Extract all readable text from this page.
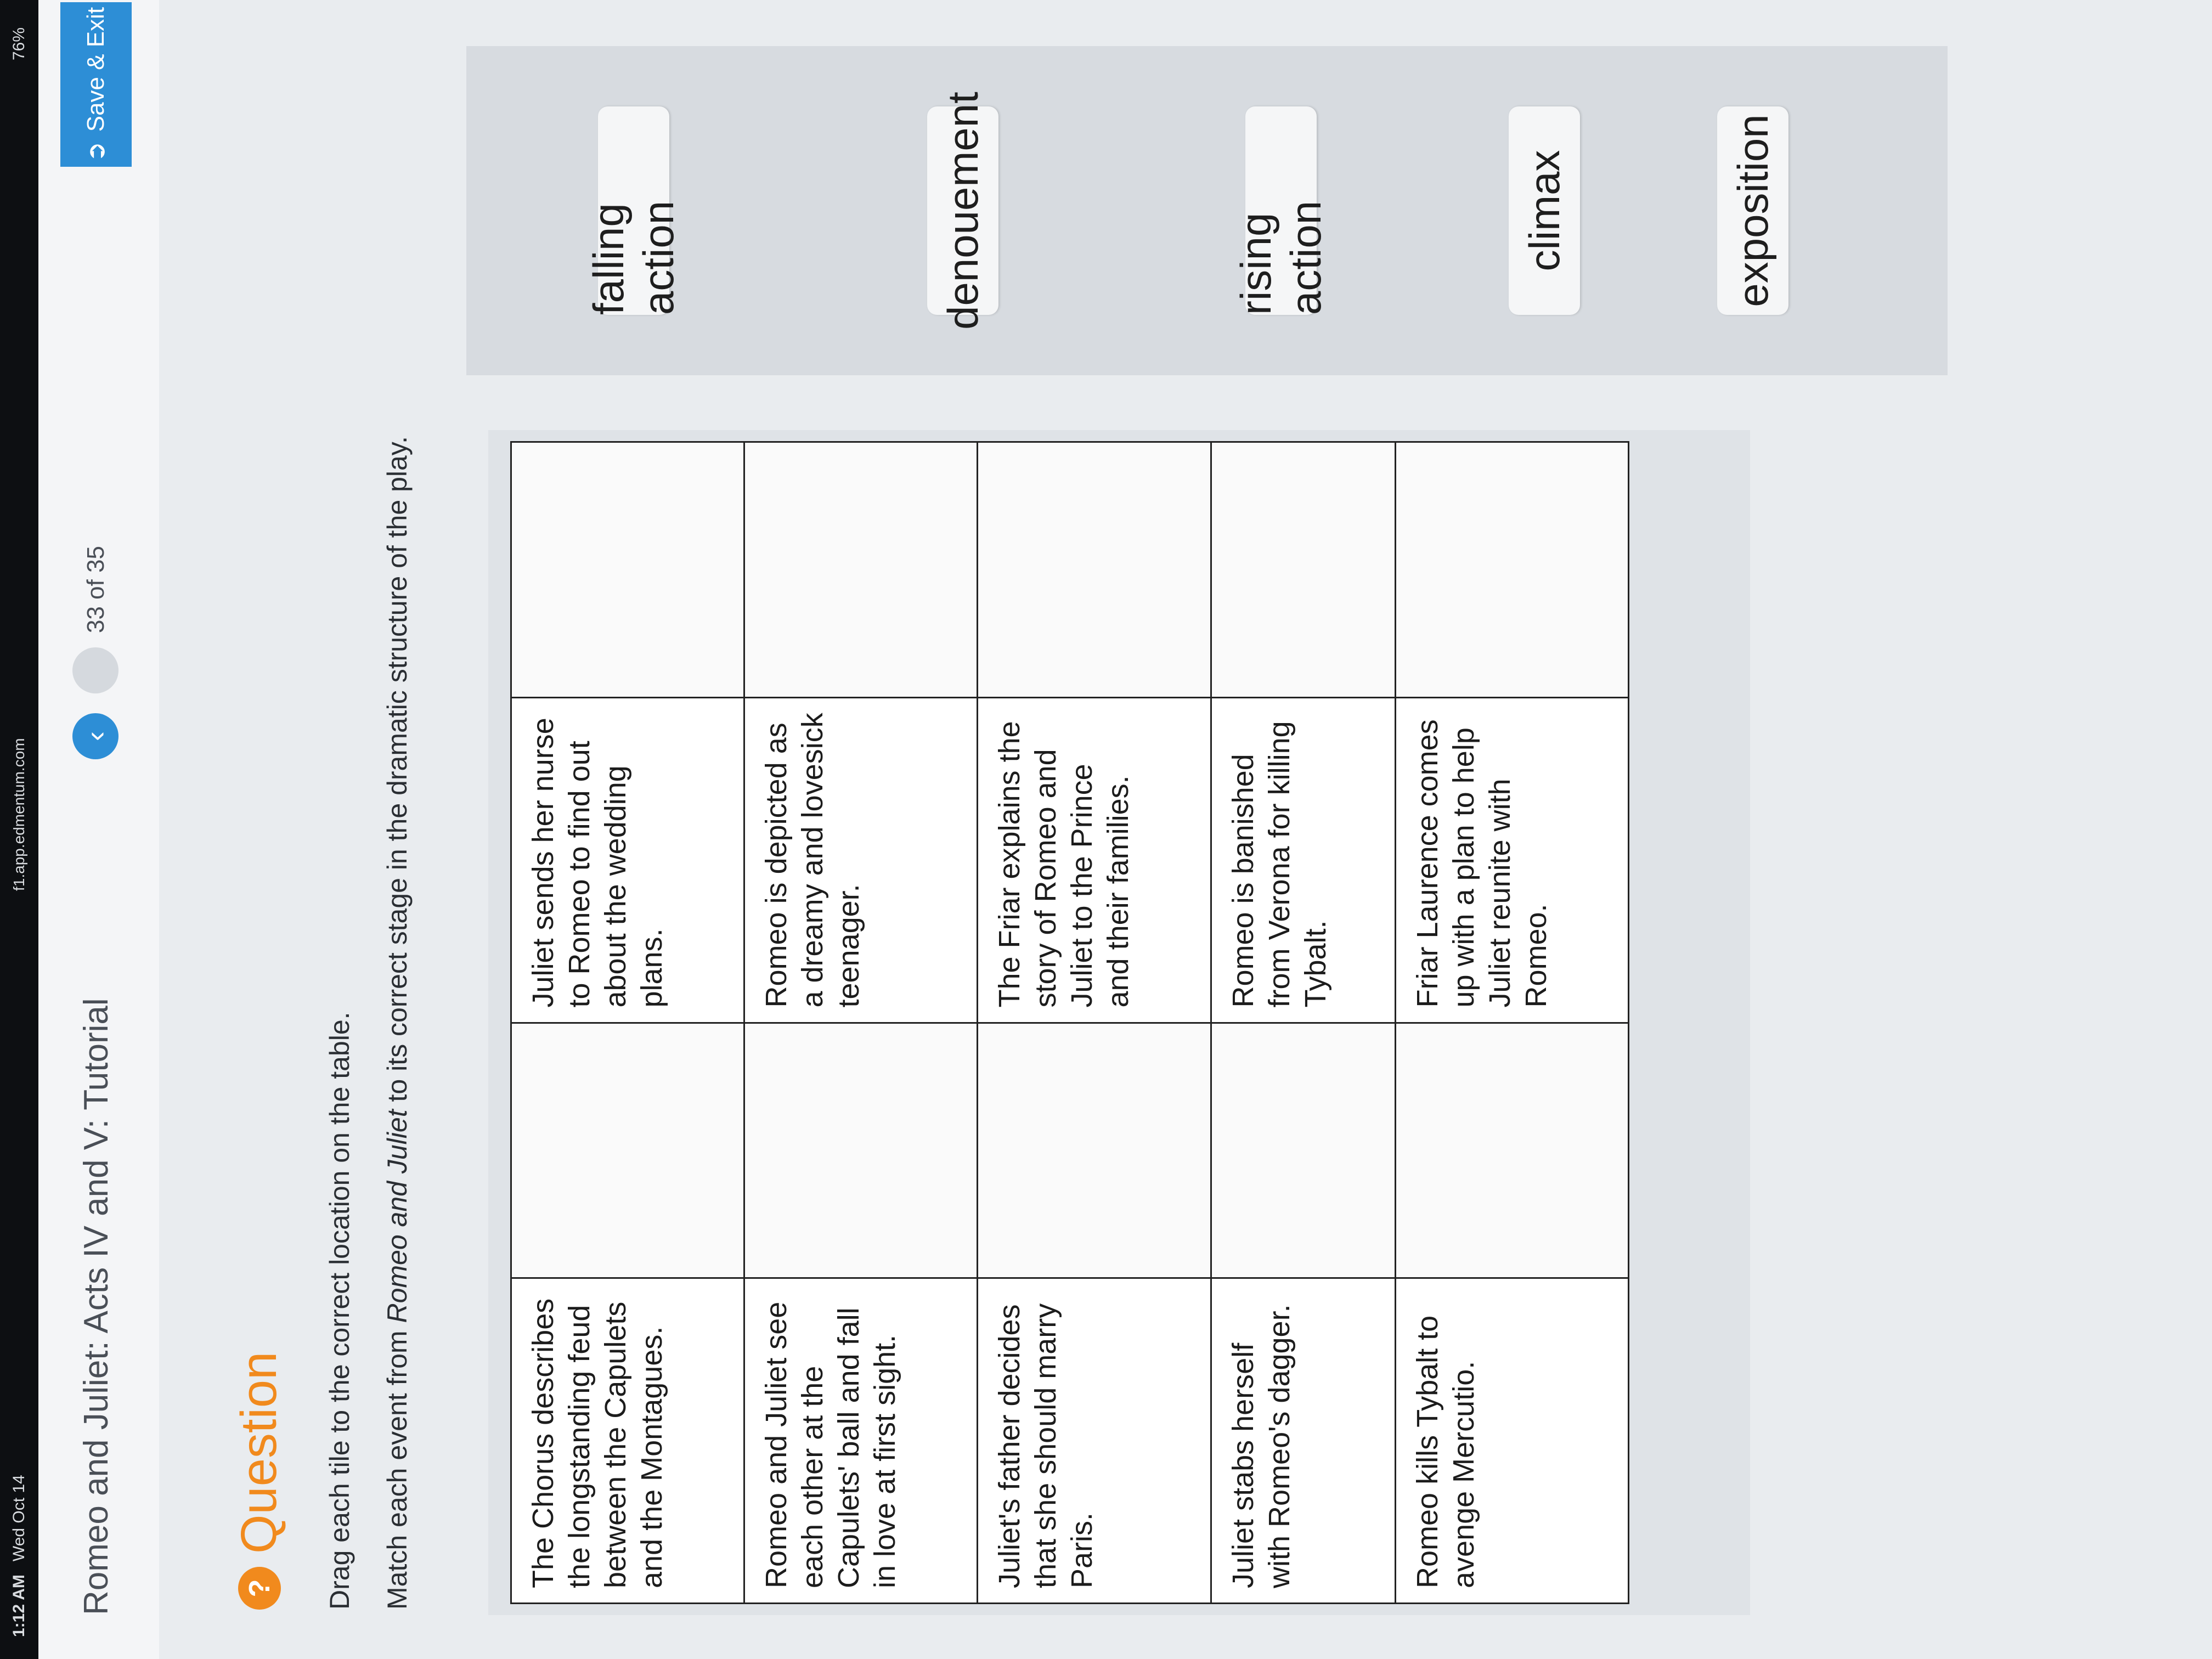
1:12 AM
Wed Oct 14
f1.app.edmentum.com
76%
Romeo and Juliet: Acts IV and V: Tutorial
‹
33 of 35
➲
Save & Exit
?
Question Drag each tile to the correct location on the table. Match each event from Romeo and Juliet to its correct stage in the dramatic structure of the play.
The Chorus describes the longstanding feud between the Capulets and the Montagues.		Juliet sends her nurse to Romeo to find out about the wedding plans.	
Romeo and Juliet see each other at the Capulets' ball and fall in love at first sight.		Romeo is depicted as a dreamy and lovesick teenager.	
Juliet's father decides that she should marry Paris.		The Friar explains the story of Romeo and Juliet to the Prince and their families.	
Juliet stabs herself with Romeo's dagger.		Romeo is banished from Verona for killing Tybalt.	
Romeo kills Tybalt to avenge Mercutio.		Friar Laurence comes up with a plan to help Juliet reunite with Romeo.	
exposition
climax
rising action
denouement
falling action
